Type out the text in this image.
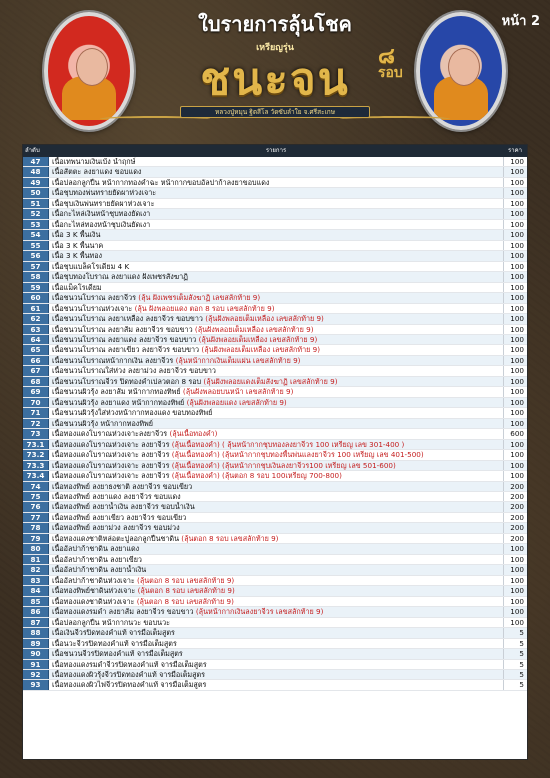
ใบรายการลุ้นโชค	หน้า 2
เหรียญรุ่น
ชนะจน	๘
รอบ
หลวงปู่หมุน ฐิตสีโล วัดซับลำใย จ.ศรีสะเกษ
ลำดับ	รายการ	ราคา
47	เนื้อเทพนามเงินเบ้ง นำฤกษ์	100
48	เนื้อสัตตะ ลงยาแดง ขอบแดง	100
49	เนื้อปลอกลูกปืน หน้ากากทองคำฉะ หน้ากากขอบอัลปาก้าลงยาขอบแดง	100
50	เนื้อชุบทองพ่นทรายยัดผาห่วงเจาะ	100
51	เนื้อชุบเงินพ่นทรายยัดผาห่วงเจาะ	100
52	เนื้อกะไหล่เงินหน้าชุบทองยัดเงา	100
53	เนื้อกะไหล่ทองหน้าชุบเงินยัดเงา	100
54	เนื้อ 3 K พื้นเงิน	100
55	เนื้อ 3 K พื้นนาค	100
56	เนื้อ 3 K พื้นทอง	100
57	เนื้อชุบแบล็คโรเดียม 4 K	100
58	เนื้อชุบทองโบราณ ลงยาแดง ฝังเพชรสังฆาฏิ	100
59	เนื้อแม็คโรเดียม	100
60	เนื้อชนวนโบราณ ลงยาจีวร (ลุ้น ฝังเพชรเต็มสังฆาฏิ เลขสลักท้าย 9)	100
61	เนื้อชนวนโบราณห่วงเจาะ (ลุ้น ฝังพลอยแดง ตอก 8 รอบ เลขสลักท้าย 9)	100
62	เนื้อชนวนโบราณ ลงยาเหลือง ลงยาจีวร ขอบขาว (ลุ้นฝังพลอยเต็มเหลือง เลขสลักท้าย 9)	100
63	เนื้อชนวนโบราณ ลงยาส้ม ลงยาจีวร ขอบขาว (ลุ้นฝังพลอยเต็มเหลือง เลขสลักท้าย 9)	100
64	เนื้อชนวนโบราณ ลงยาแดง ลงยาจีวร ขอบขาว (ลุ้นฝังพลอยเต็มเหลือง เลขสลักท้าย 9)	100
65	เนื้อชนวนโบราณ ลงยาเขียว ลงยาจีวร ขอบขาว (ลุ้นฝังพลอยเต็มเหลือง เลขสลักท้าย 9)	100
66	เนื้อชนวนโบราณหน้ากากเงิน ลงยาจีวร (ลุ้นหน้ากากเงินเต็มแผ่น เลขสลักท้าย 9)	100
67	เนื้อชนวนโบราณใส่ห่วง ลงยาม่วง ลงยาจีวร ขอบขาว	100
68	เนื้อชนวนโบราณจีวร ปิดทองคำเปลวตอก 8 รอบ (ลุ้นฝังพลอยแดงเต็มสังฆาฏิ เลขสลักท้าย 9)	100
69	เนื้อชนวนผิวรุ้ง ลงยาส้ม หน้ากากทองทิพย์ (ลุ้นฝังพลอยบนหน้า เลขสลักท้าย 9)	100
70	เนื้อชนวนผิวรุ้ง ลงยาแดง หน้ากากทองทิพย์ (ลุ้นฝังพลอยแดง เลขสลักท้าย 9)	100
71	เนื้อชนวนผิวรุ้งใส่ห่วงหน้ากากทองแดง ขอบทองทิพย์	100
72	เนื้อชนวนผิวรุ้ง หน้ากากทองทิพย์	100
73	เนื้อทองแดงโบราณห่วงเจาะลงยาจีวร (ลุ้นเนื้อทองคำ)	600
73.1	เนื้อทองแดงโบราณห่วงเจาะ ลงยาจีวร (ลุ้นเนื้อทองคำ) ( ลุ้นหน้ากากชุบทองลงยาจีวร 100 เหรียญ เลข 301-400 )	100
73.2	เนื้อทองแดงโบราณห่วงเจาะ ลงยาจีวร (ลุ้นเนื้อทองคำ) (ลุ้นหน้ากากชุบทองพื้นพ่นแลงยาจีวร 100 เหรียญ เลข 401-500)	100
73.3	เนื้อทองแดงโบราณห่วงเจาะ ลงยาจีวร (ลุ้นเนื้อทองคำ) (ลุ้นหน้ากากชุบเงินลงยาจีวร100 เหรียญ เลข 501-600)	100
73.4	เนื้อทองแดงโบราณห่วงเจาะ ลงยาจีวร (ลุ้นเนื้อทองคำ) (ลุ้นตอก 8 รอบ 100เหรียญ 700-800)	100
74	เนื้อทองทิพย์ ลงยาธงชาติ ลงยาจีวร ขอบเขียว	200
75	เนื้อทองทิพย์ ลงยาแดง ลงยาจีวร ขอบแดง	200
76	เนื้อทองทิพย์ ลงยาน้ำเงิน ลงยาจีวร ขอบน้ำเงิน	200
77	เนื้อทองทิพย์ ลงยาเขียว ลงยาจีวร ขอบเขียว	200
78	เนื้อทองทิพย์ ลงยาม่วง ลงยาจีวร ขอบม่วง	200
79	เนื้อทองแดงชาติหล่อตะปูลอกลูกปืนชาดิน (ลุ้นตอก 8 รอบ เลขสลักท้าย 9)	200
80	เนื้ออัลปาก้าชาดิน ลงยาแดง	100
81	เนื้ออัลปาก้าชาดิน ลงยาเขียว	100
82	เนื้ออัลปาก้าชาดิน ลงยาน้ำเงิน	100
83	เนื้ออัลปาก้าชาดินห่วงเจาะ (ลุ้นตอก 8 รอบ เลขสลักท้าย 9)	100
84	เนื้อทองทิพย์ชาดินห่วงเจาะ (ลุ้นตอก 8 รอบ เลขสลักท้าย 9)	100
85	เนื้อทองแดงชาดินห่วงเจาะ (ลุ้นตอก 8 รอบ เลขสลักท้าย 9)	100
86	เนื้อทองแดงรมดำ ลงยาส้ม ลงยาจีวร ขอบขาว (ลุ้นหน้ากากเงินลงยาจีวร เลขสลักท้าย 9)	100
87	เนื้อปลอกลูกปืน หน้ากากนวะ ขอบนวะ	100
88	เนื้อเงินจีวรปิดทองคำแท้ จารมือเต็มสูตร	5
89	เนื้อนวะจีวรปิดทองคำแท้ จารมือเต็มสูตร	5
90	เนื้อชนวนจีวรปิดทองคำแท้ จารมือเต็มสูตร	5
91	เนื้อทองแดงรมดำจีวรปิดทองคำแท้ จารมือเต็มสูตร	5
92	เนื้อทองแดงผิวรุ้งจีวรปิดทองคำแท้ จารมือเต็มสูตร	5
93	เนื้อทองแดงผิวไฟจีวรปิดทองคำแท้ จารมือเต็มสูตร	5
